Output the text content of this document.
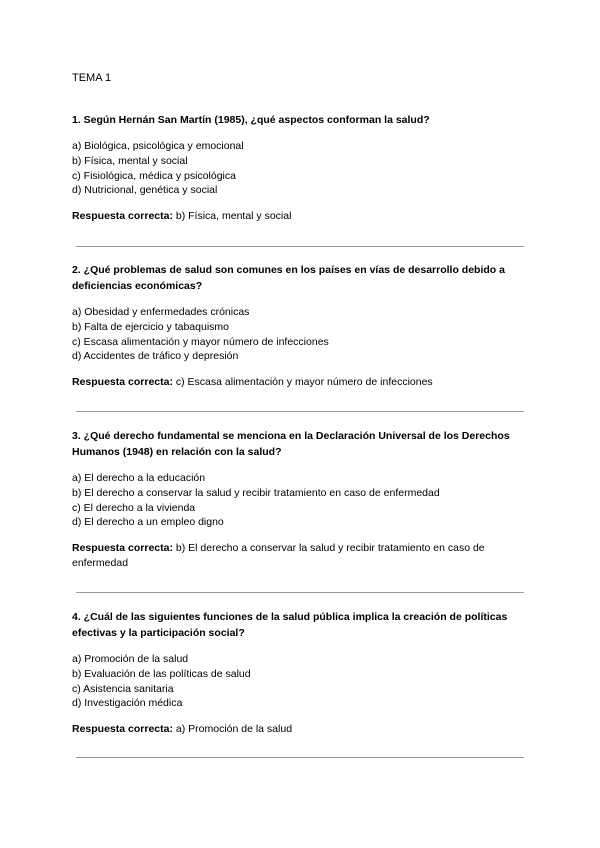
TEMA 1

1. Según Hernán San Martín (1985), ¿qué aspectos conforman la salud?

a) Biológica, psicológica y emocional
b) Física, mental y social
c) Fisiológica, médica y psicológica
d) Nutricional, genética y social
Respuesta correcta: b) Física, mental y social

2. ¿Qué problemas de salud son comunes en los países en vías de desarrollo debido a deficiencias económicas?

a) Obesidad y enfermedades crónicas
b) Falta de ejercicio y tabaquismo
c) Escasa alimentación y mayor número de infecciones
d) Accidentes de tráfico y depresión
Respuesta correcta: c) Escasa alimentación y mayor número de infecciones

3. ¿Qué derecho fundamental se menciona en la Declaración Universal de los Derechos Humanos (1948) en relación con la salud?

a) El derecho a la educación
b) El derecho a conservar la salud y recibir tratamiento en caso de enfermedad
c) El derecho a la vivienda
d) El derecho a un empleo digno
Respuesta correcta: b) El derecho a conservar la salud y recibir tratamiento en caso de enfermedad

4. ¿Cuál de las siguientes funciones de la salud pública implica la creación de políticas efectivas y la participación social?

a) Promoción de la salud
b) Evaluación de las políticas de salud
c) Asistencia sanitaria
d) Investigación médica
Respuesta correcta: a) Promoción de la salud
